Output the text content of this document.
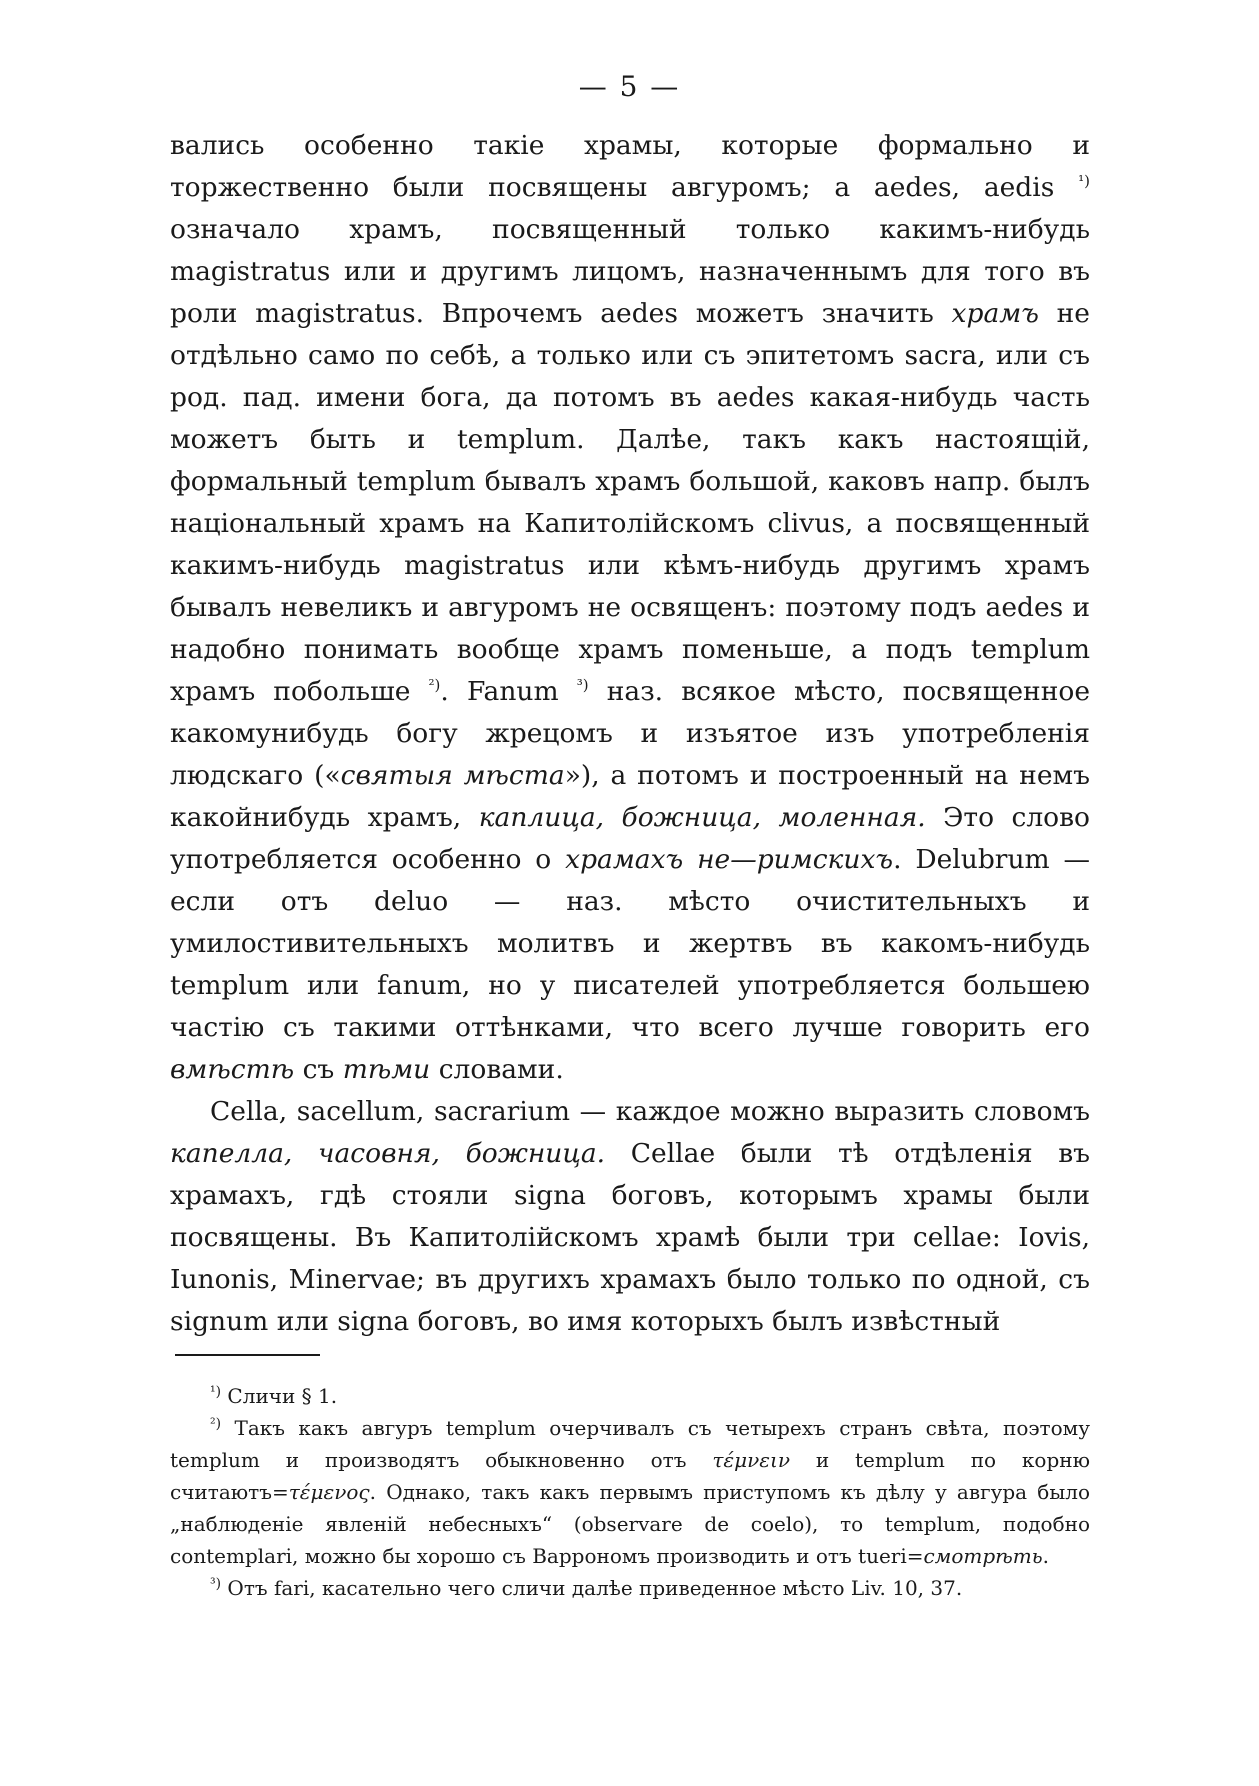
— 5 —

вались особенно такіе храмы, которые формально и торжественно были посвящены авгуромъ; а aedes, aedis $^{^1)}$ означало храмъ, посвященный только какимъ-нибудь magistratus или и другимъ лицомъ, назначеннымъ для того въ роли magistratus. Впрочемъ aedes можетъ значить храмъ не отдѣльно само по себѣ, а только или съ эпитетомъ sacra, или съ род. пад. имени бога, да потомъ въ aedes какая-нибудь часть можетъ быть и templum. Далѣе, такъ какъ настоящій, формальный templum бывалъ храмъ большой, каковъ напр. былъ національный храмъ на Капитолійскомъ clivus, а посвященный какимъ-нибудь magistratus или кѣмъ-нибудь другимъ храмъ бывалъ невеликъ и авгуромъ не освященъ: поэтому подъ aedes и надобно понимать вообще храмъ поменьше, а подъ templum храмъ побольше $^{^2)}$. Fanum $^{^3)}$ наз. всякое мѣсто, посвященное какомунибудь богу жрецомъ и изъятое изъ употребленія людскаго («святыя мѣста»), а потомъ и построенный на немъ какойнибудь храмъ, каплица, божница, моленная. Это слово употребляется особенно о храмахъ не—римскихъ. Delubrum — если отъ deluo — наз. мѣсто очистительныхъ и умилостивительныхъ молитвъ и жертвъ въ какомъ-нибудь templum или fanum, но у писателей употребляется большею частію съ такими оттѣнками, что всего лучше говорить его вмѣстѣ съ тѣми словами.

Cella, sacellum, sacrarium — каждое можно выразить словомъ капелла, часовня, божница. Cellae были тѣ отдѣленія въ храмахъ, гдѣ стояли signa боговъ, которымъ храмы были посвящены. Въ Капитолійскомъ храмѣ были три cellae: Iovis, Iunonis, Minervae; въ другихъ храмахъ было только по одной, съ signum или signa боговъ, во имя которыхъ былъ извѣстный

$^{^1)}$ Сличи § 1.

$^{^2)}$ Такъ какъ авгуръ templum очерчивалъ съ четырехъ странъ свѣта, поэтому templum и производятъ обыкновенно отъ τέμνειν и templum по корню считаютъ=τέμενος. Однако, такъ какъ первымъ приступомъ къ дѣлу у авгура было „наблюденіе явленій небесныхъ“ (observare de coelo), то templum, подобно contemplari, можно бы хорошо съ Варрономъ производить и отъ tueri=смотрѣть.

$^{^3)}$ Отъ fari, касательно чего сличи далѣе приведенное мѣсто Liv. 10, 37.
